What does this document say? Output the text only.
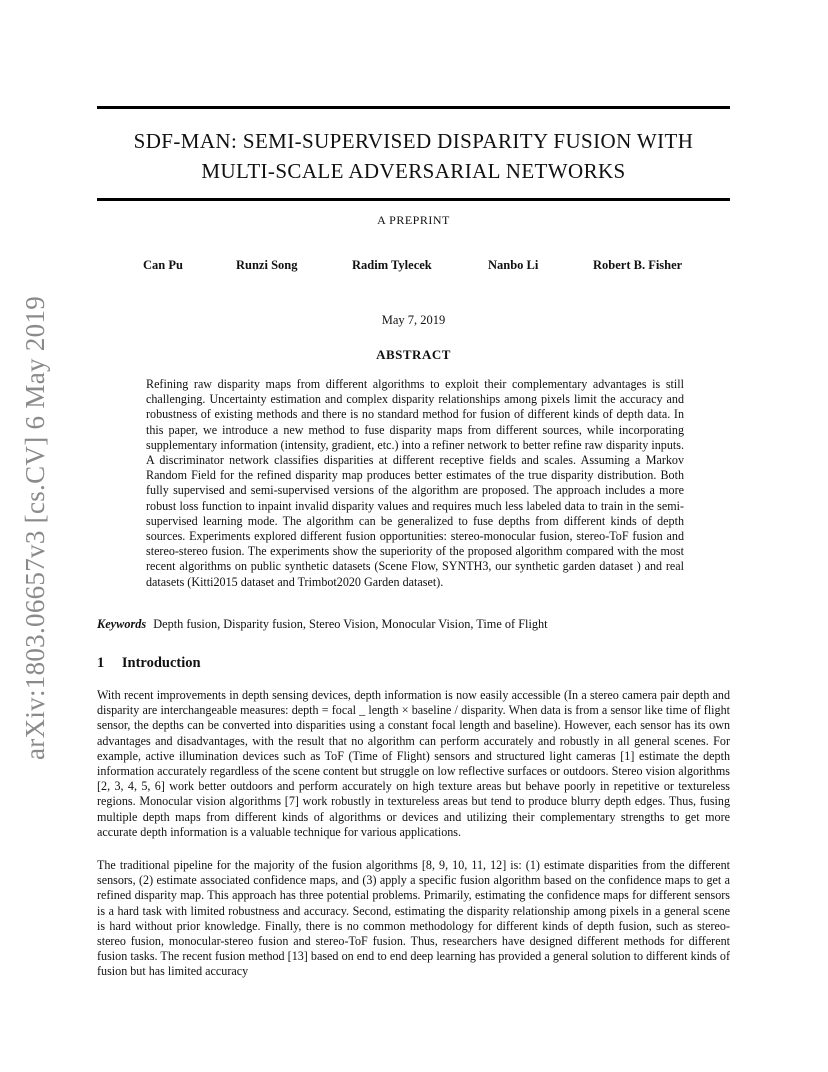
arXiv:1803.06657v3 [cs.CV] 6 May 2019
SDF-MAN: SEMI-SUPERVISED DISPARITY FUSION WITH
MULTI-SCALE ADVERSARIAL NETWORKS
A PREPRINT
Can Pu	Runzi Song	Radim Tylecek	Nanbo Li	Robert B. Fisher
May 7, 2019
ABSTRACT
Refining raw disparity maps from different algorithms to exploit their complementary advantages is still challenging. Uncertainty estimation and complex disparity relationships among pixels limit the accuracy and robustness of existing methods and there is no standard method for fusion of different kinds of depth data. In this paper, we introduce a new method to fuse disparity maps from different sources, while incorporating supplementary information (intensity, gradient, etc.) into a refiner network to better refine raw disparity inputs. A discriminator network classifies disparities at different receptive fields and scales. Assuming a Markov Random Field for the refined disparity map produces better estimates of the true disparity distribution. Both fully supervised and semi-supervised versions of the algorithm are proposed. The approach includes a more robust loss function to inpaint invalid disparity values and requires much less labeled data to train in the semi-supervised learning mode. The algorithm can be generalized to fuse depths from different kinds of depth sources. Experiments explored different fusion opportunities: stereo-monocular fusion, stereo-ToF fusion and stereo-stereo fusion. The experiments show the superiority of the proposed algorithm compared with the most recent algorithms on public synthetic datasets (Scene Flow, SYNTH3, our synthetic garden dataset ) and real datasets (Kitti2015 dataset and Trimbot2020 Garden dataset).
Keywords Depth fusion, Disparity fusion, Stereo Vision, Monocular Vision, Time of Flight
1 Introduction
With recent improvements in depth sensing devices, depth information is now easily accessible (In a stereo camera pair depth and disparity are interchangeable measures: depth = focal _ length × baseline / disparity. When data is from a sensor like time of flight sensor, the depths can be converted into disparities using a constant focal length and baseline). However, each sensor has its own advantages and disadvantages, with the result that no algorithm can perform accurately and robustly in all general scenes. For example, active illumination devices such as ToF (Time of Flight) sensors and structured light cameras [1] estimate the depth information accurately regardless of the scene content but struggle on low reflective surfaces or outdoors. Stereo vision algorithms [2, 3, 4, 5, 6] work better outdoors and perform accurately on high texture areas but behave poorly in repetitive or textureless regions. Monocular vision algorithms [7] work robustly in textureless areas but tend to produce blurry depth edges. Thus, fusing multiple depth maps from different kinds of algorithms or devices and utilizing their complementary strengths to get more accurate depth information is a valuable technique for various applications.
The traditional pipeline for the majority of the fusion algorithms [8, 9, 10, 11, 12] is: (1) estimate disparities from the different sensors, (2) estimate associated confidence maps, and (3) apply a specific fusion algorithm based on the confidence maps to get a refined disparity map. This approach has three potential problems. Primarily, estimating the confidence maps for different sensors is a hard task with limited robustness and accuracy. Second, estimating the disparity relationship among pixels in a general scene is hard without prior knowledge. Finally, there is no common methodology for different kinds of depth fusion, such as stereo-stereo fusion, monocular-stereo fusion and stereo-ToF fusion. Thus, researchers have designed different methods for different fusion tasks. The recent fusion method [13] based on end to end deep learning has provided a general solution to different kinds of fusion but has limited accuracy
